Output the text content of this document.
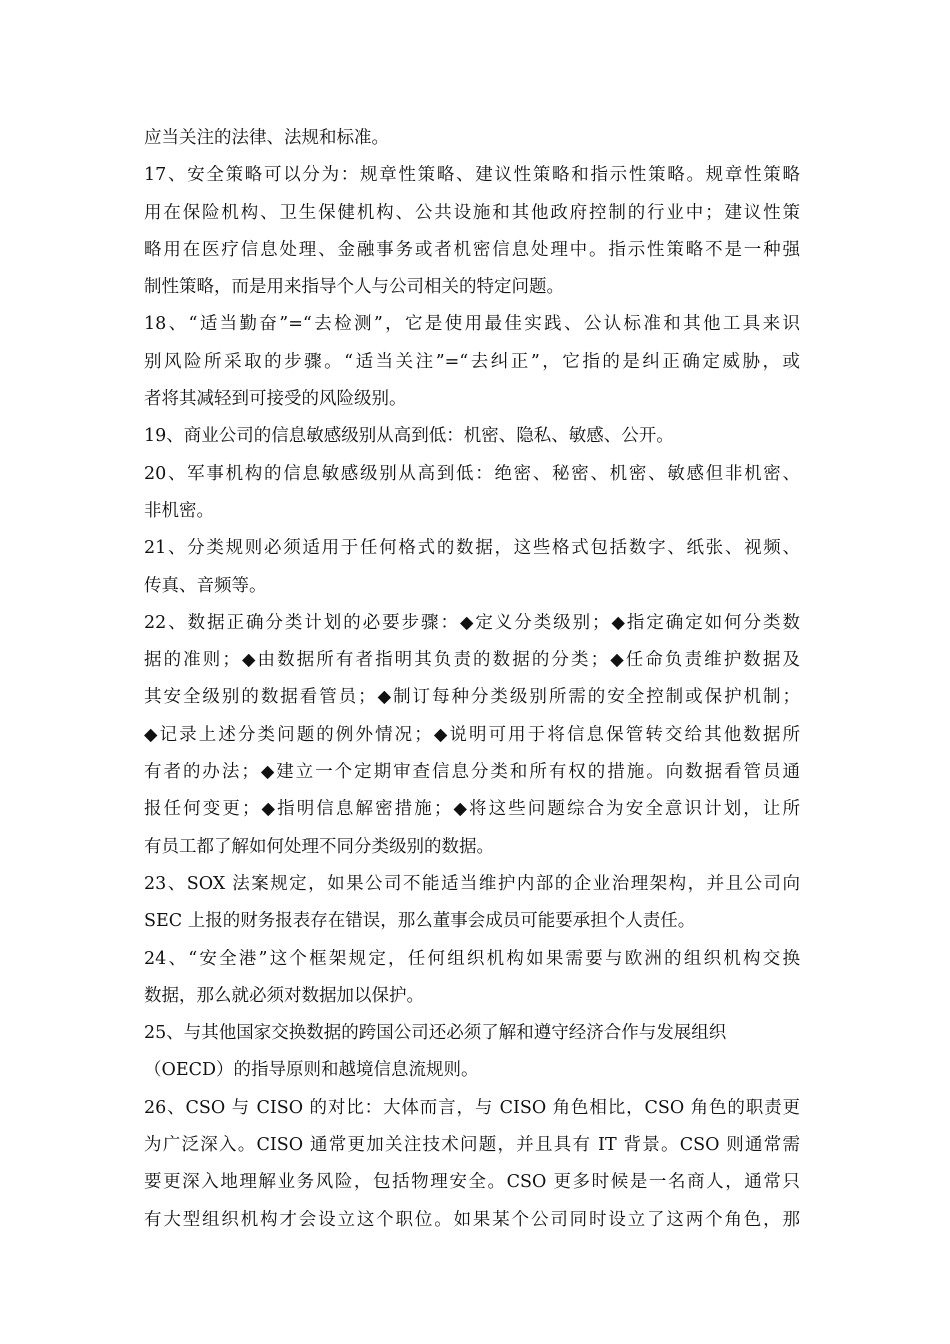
应当关注的法律、法规和标准。
17、安全策略可以分为：规章性策略、建议性策略和指示性策略。规章性策略
用在保险机构、卫生保健机构、公共设施和其他政府控制的行业中；建议性策
略用在医疗信息处理、金融事务或者机密信息处理中。指示性策略不是一种强
制性策略，而是用来指导个人与公司相关的特定问题。
18、“适当勤奋”=“去检测”，它是使用最佳实践、公认标准和其他工具来识
别风险所采取的步骤。“适当关注”=“去纠正”，它指的是纠正确定威胁，或
者将其减轻到可接受的风险级别。
19、商业公司的信息敏感级别从高到低：机密、隐私、敏感、公开。
20、军事机构的信息敏感级别从高到低：绝密、秘密、机密、敏感但非机密、
非机密。
21、分类规则必须适用于任何格式的数据，这些格式包括数字、纸张、视频、
传真、音频等。
22、数据正确分类计划的必要步骤：◆定义分类级别；◆指定确定如何分类数
据的准则；◆由数据所有者指明其负责的数据的分类；◆任命负责维护数据及
其安全级别的数据看管员；◆制订每种分类级别所需的安全控制或保护机制；
◆记录上述分类问题的例外情况；◆说明可用于将信息保管转交给其他数据所
有者的办法；◆建立一个定期审查信息分类和所有权的措施。向数据看管员通
报任何变更；◆指明信息解密措施；◆将这些问题综合为安全意识计划，让所
有员工都了解如何处理不同分类级别的数据。
23、SOX 法案规定，如果公司不能适当维护内部的企业治理架构，并且公司向
SEC 上报的财务报表存在错误，那么董事会成员可能要承担个人责任。
24、“安全港”这个框架规定，任何组织机构如果需要与欧洲的组织机构交换
数据，那么就必须对数据加以保护。
25、与其他国家交换数据的跨国公司还必须了解和遵守经济合作与发展组织
（OECD）的指导原则和越境信息流规则。
26、CSO 与 CISO 的对比：大体而言，与 CISO 角色相比，CSO 角色的职责更
为广泛深入。CISO 通常更加关注技术问题，并且具有 IT 背景。CSO 则通常需
要更深入地理解业务风险，包括物理安全。CSO 更多时候是一名商人，通常只
有大型组织机构才会设立这个职位。如果某个公司同时设立了这两个角色，那
